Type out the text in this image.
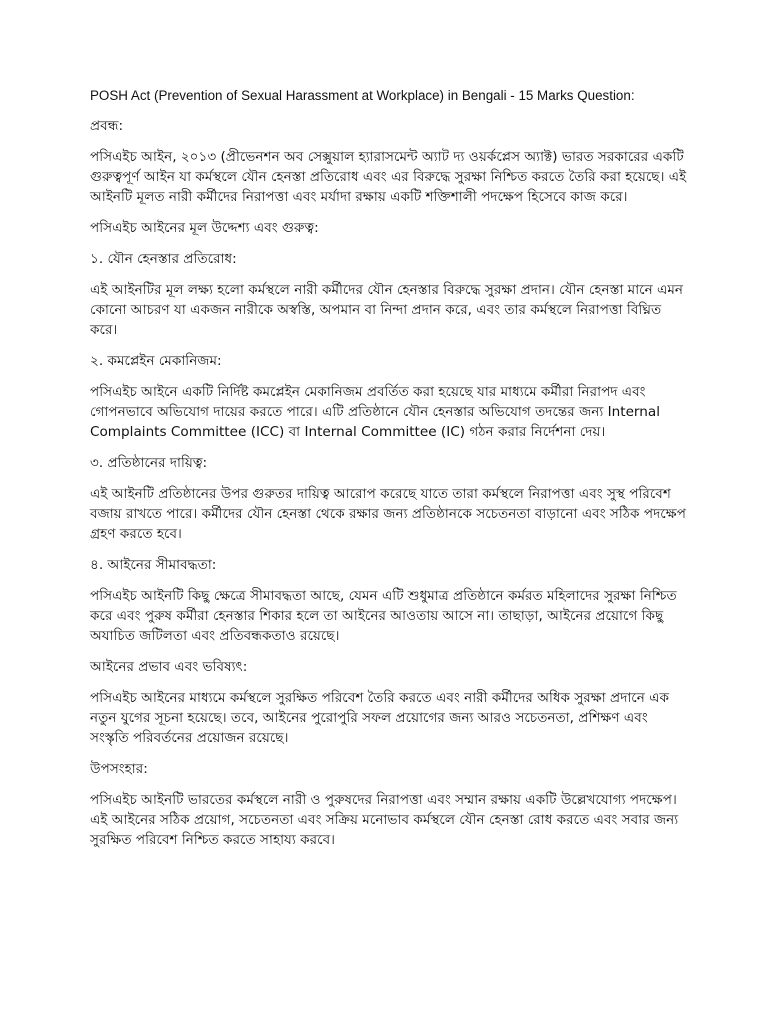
POSH Act (Prevention of Sexual Harassment at Workplace) in Bengali - 15 Marks Question:
প্রবন্ধ:
পসিএইচ আইন, ২০১৩ (প্রীভেনশন অব সেক্সুয়াল হ্যারাসমেন্ট অ্যাট দ্য ওয়র্কপ্লেস অ্যাক্ট) ভারত সরকারের একটি গুরুত্বপূর্ণ আইন যা কর্মস্থলে যৌন হেনস্তা প্রতিরোধ এবং এর বিরুদ্ধে সুরক্ষা নিশ্চিত করতে তৈরি করা হয়েছে। এই আইনটি মূলত নারী কর্মীদের নিরাপত্তা এবং মর্যাদা রক্ষায় একটি শক্তিশালী পদক্ষেপ হিসেবে কাজ করে।
পসিএইচ আইনের মূল উদ্দেশ্য এবং গুরুত্ব:
১. যৌন হেনস্তার প্রতিরোধ:
এই আইনটির মূল লক্ষ্য হলো কর্মস্থলে নারী কর্মীদের যৌন হেনস্তার বিরুদ্ধে সুরক্ষা প্রদান। যৌন হেনস্তা মানে এমন কোনো আচরণ যা একজন নারীকে অস্বস্তি, অপমান বা নিন্দা প্রদান করে, এবং তার কর্মস্থলে নিরাপত্তা বিঘ্নিত করে।
২. কমপ্লেইন মেকানিজম:
পসিএইচ আইনে একটি নির্দিষ্ট কমপ্লেইন মেকানিজম প্রবর্তিত করা হয়েছে যার মাধ্যমে কর্মীরা নিরাপদ এবং গোপনভাবে অভিযোগ দায়ের করতে পারে। এটি প্রতিষ্ঠানে যৌন হেনস্তার অভিযোগ তদন্তের জন্য Internal Complaints Committee (ICC) বা Internal Committee (IC) গঠন করার নির্দেশনা দেয়।
৩. প্রতিষ্ঠানের দায়িত্ব:
এই আইনটি প্রতিষ্ঠানের উপর গুরুতর দায়িত্ব আরোপ করেছে যাতে তারা কর্মস্থলে নিরাপত্তা এবং সুস্থ পরিবেশ বজায় রাখতে পারে। কর্মীদের যৌন হেনস্তা থেকে রক্ষার জন্য প্রতিষ্ঠানকে সচেতনতা বাড়ানো এবং সঠিক পদক্ষেপ গ্রহণ করতে হবে।
৪. আইনের সীমাবদ্ধতা:
পসিএইচ আইনটি কিছু ক্ষেত্রে সীমাবদ্ধতা আছে, যেমন এটি শুধুমাত্র প্রতিষ্ঠানে কর্মরত মহিলাদের সুরক্ষা নিশ্চিত করে এবং পুরুষ কর্মীরা হেনস্তার শিকার হলে তা আইনের আওতায় আসে না। তাছাড়া, আইনের প্রয়োগে কিছু অযাচিত জটিলতা এবং প্রতিবন্ধকতাও রয়েছে।
আইনের প্রভাব এবং ভবিষ্যৎ:
পসিএইচ আইনের মাধ্যমে কর্মস্থলে সুরক্ষিত পরিবেশ তৈরি করতে এবং নারী কর্মীদের অধিক সুরক্ষা প্রদানে এক নতুন যুগের সূচনা হয়েছে। তবে, আইনের পুরোপুরি সফল প্রয়োগের জন্য আরও সচেতনতা, প্রশিক্ষণ এবং সংস্কৃতি পরিবর্তনের প্রয়োজন রয়েছে।
উপসংহার:
পসিএইচ আইনটি ভারতের কর্মস্থলে নারী ও পুরুষদের নিরাপত্তা এবং সম্মান রক্ষায় একটি উল্লেখযোগ্য পদক্ষেপ। এই আইনের সঠিক প্রয়োগ, সচেতনতা এবং সক্রিয় মনোভাব কর্মস্থলে যৌন হেনস্তা রোধ করতে এবং সবার জন্য সুরক্ষিত পরিবেশ নিশ্চিত করতে সাহায্য করবে।
